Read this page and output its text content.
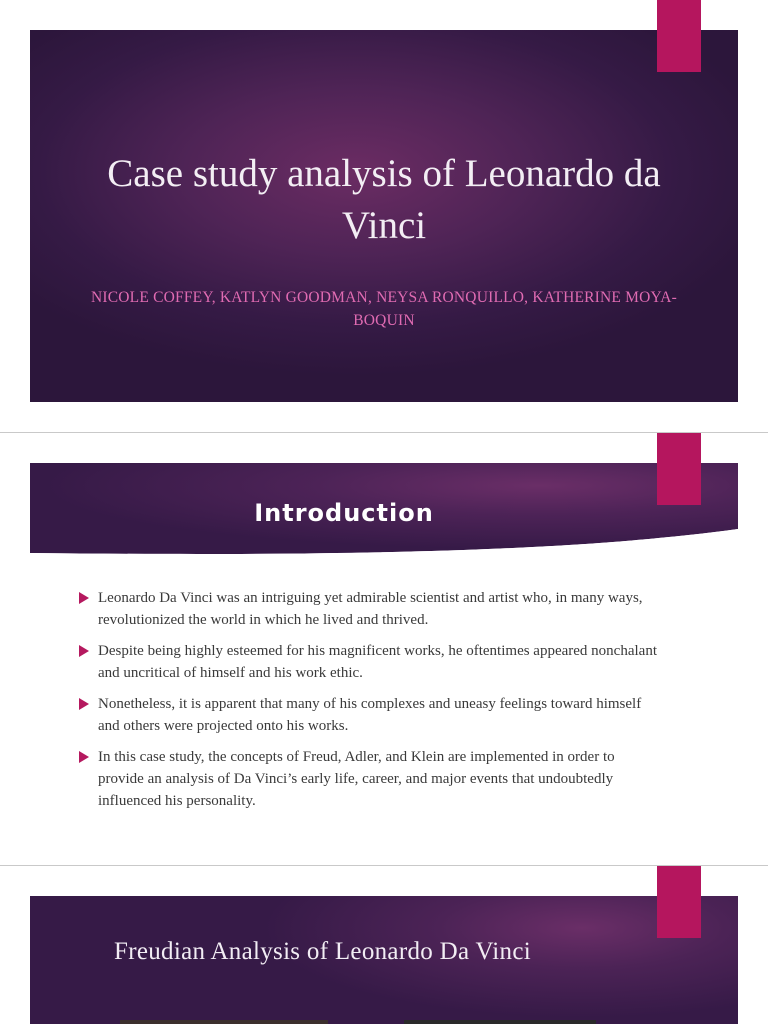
Case study analysis of Leonardo da Vinci
NICOLE COFFEY, KATLYN GOODMAN, NEYSA RONQUILLO, KATHERINE MOYA- BOQUIN
Introduction
Leonardo Da Vinci was an intriguing yet admirable scientist and artist who, in many ways, revolutionized the world in which he lived and thrived.
Despite being highly esteemed for his magnificent works, he oftentimes appeared nonchalant and uncritical of himself and his work ethic.
Nonetheless, it is apparent that many of his complexes and uneasy feelings toward himself and others were projected onto his works.
In this case study, the concepts of Freud, Adler, and Klein are implemented in order to provide an analysis of Da Vinci’s early life, career, and major events that undoubtedly influenced his personality.
Freudian Analysis of Leonardo Da Vinci
